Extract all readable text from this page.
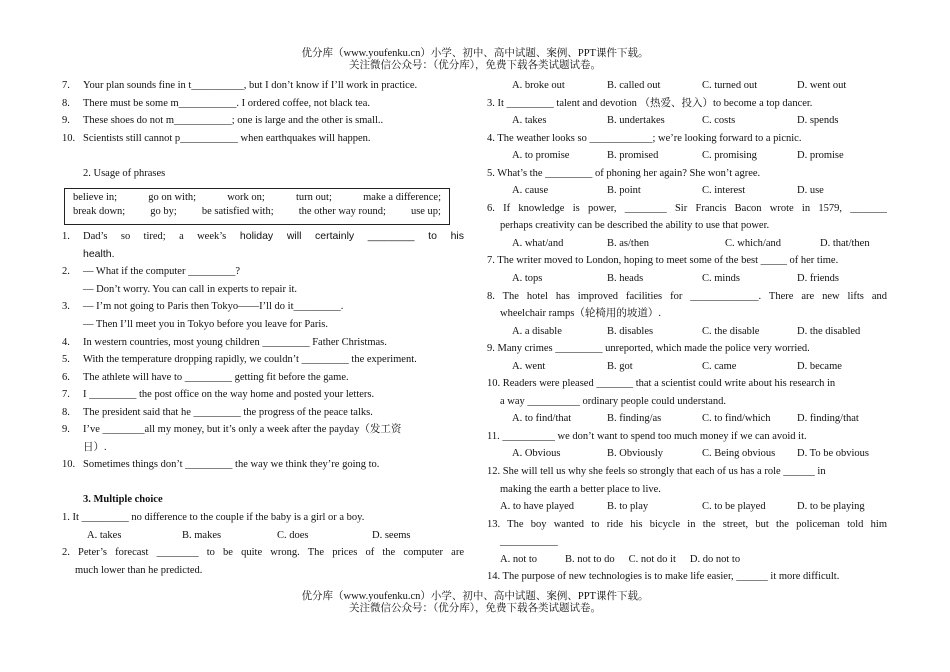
优分库（www.youfenku.cn）小学、初中、高中试题、案例、PPT课件下载。
关注微信公众号：（优分库），免费下载各类试题试卷。
7.	Your plan sounds fine in t__________, but I don’t know if I’ll work in practice.
8.	There must be some m___________. I ordered coffee, not black tea.
9.	These shoes do not m___________; one is large and the other is small..
10. Scientists still cannot p___________ when earthquakes will happen.
2. Usage of phrases
believe in;	go on with;	work on;	turn out;	make a difference;
break down; go by; be satisfied with; the other way round; use up;
1.	Dad’s so tired; a week’s holiday will certainly ________ to his
health.
2.	— What if the computer _________?
— Don’t worry. You can call in experts to repair it.
3.	— I’m not going to Paris then Tokyo——I’ll do it_________.
— Then I’ll meet you in Tokyo before you leave for Paris.
4.	In western countries, most young children _________ Father Christmas.
5.	With the temperature dropping rapidly, we couldn’t _________ the experiment.
6.	The athlete will have to _________ getting fit before the game.
7.	I _________ the post office on the way home and posted your letters.
8.	The president said that he _________ the progress of the peace talks.
9.	I’ve ________all my money, but it’s only a week after the payday（发工资
日）.
10. Sometimes things don’t _________ the way we think they’re going to.
3. Multiple choice
1. It _________ no difference to the couple if the baby is a girl or a boy.
A. takes	B. makes	C. does	D. seems
2. Peter’s forecast ________ to be quite wrong. The prices of the computer are
much lower than he predicted.
A. broke out	B. called out	C. turned out	D. went out
3. It _________ talent and devotion （热爱、投入）to become a top dancer.
A. takes	B. undertakes	C. costs	D. spends
4. The weather looks so ____________; we’re looking forward to a picnic.
A. to promise	B. promised	C. promising	D. promise
5. What’s the _________ of phoning her again? She won’t agree.
A. cause	B. point	C. interest	D. use
6. If knowledge is power, ________ Sir Francis Bacon wrote in 1579, _______
perhaps creativity can be described the ability to use that power.
A. what/and	B. as/then	C. which/and	D. that/then
7. The writer moved to London, hoping to meet some of the best _____ of her time.
A. tops	B. heads	C. minds	D. friends
8. The hotel has improved facilities for _____________. There are new lifts and
wheelchair ramps（轮椅用的坡道）.
A. a disable	B. disables	C. the disable	D. the disabled
9. Many crimes _________ unreported, which made the police very worried.
A. went	B. got	C. came	D. became
10. Readers were pleased _______ that a scientist could write about his research in
a way __________ ordinary people could understand.
A. to find/that	B. finding/as	C. to find/which	D. finding/that
11. __________ we don’t want to spend too much money if we can avoid it.
A. Obvious	B. Obviously	C. Being obvious	D. To be obvious
12. She will tell us why she feels so strongly that each of us has a role ______ in
making the earth a better place to live.
A. to have played	B. to play	C. to be played	D. to be playing
13. The boy wanted to ride his bicycle in the street, but the policeman told him
___________
A. not to	B. not to do C. not do it D. do not to
14. The purpose of new technologies is to make life easier, ______ it more difficult.
优分库（www.youfenku.cn）小学、初中、高中试题、案例、PPT课件下载。
关注微信公众号：（优分库），免费下载各类试题试卷。
